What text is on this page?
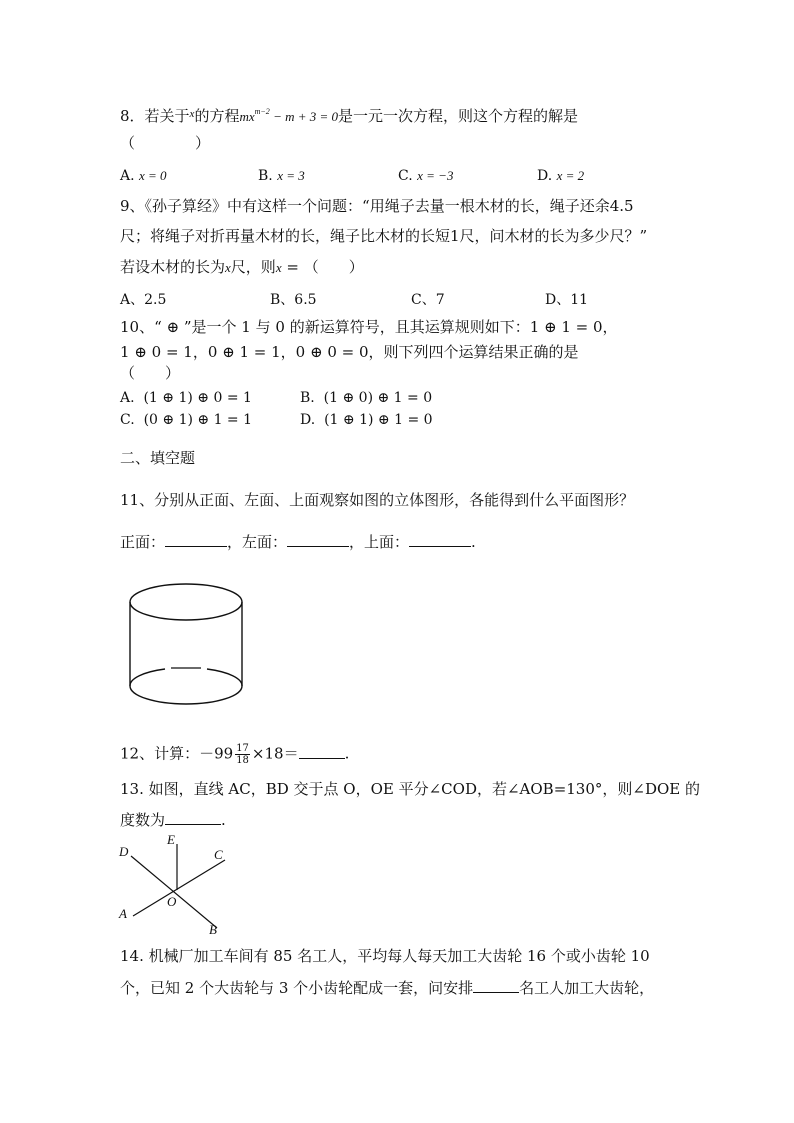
8．若关于$^x$的方程$mx^{m-2} - m + 3 = 0$是一元一次方程，则这个方程的解是
（　　　　）
A. x = 0	B. x = 3	C. x = −3	D. x = 2
9、《孙子算经》中有这样一个问题：“用绳子去量一根木材的长，绳子还余4.5
尺；将绳子对折再量木材的长，绳子比木材的长短1尺，问木材的长为多少尺？”
若设木材的长为x尺，则x = （　　）
A、2.5	B、6.5	C、7	D、11
10、“ ⊕ ”是一个 1 与 0 的新运算符号，且其运算规则如下：1 ⊕ 1 = 0，
1 ⊕ 0 = 1，0 ⊕ 1 = 1，0 ⊕ 0 = 0，则下列四个运算结果正确的是
（　　）
A. (1 ⊕ 1) ⊕ 0 = 1	B. (1 ⊕ 0) ⊕ 1 = 0
C. (0 ⊕ 1) ⊕ 1 = 1	D. (1 ⊕ 1) ⊕ 1 = 0
二、填空题
11、分别从正面、左面、上面观察如图的立体图形，各能得到什么平面图形？
正面：	，左面：	，上面：	.
12、计算：$-99 \frac{17}{18} \times 18=$	.
13. 如图，直线 AC，BD 交于点 O，OE 平分∠COD，若∠AOB=130°，则∠DOE 的
度数为	.
E
D	C
O
A
B
14. 机械厂加工车间有 85 名工人，平均每人每天加工大齿轮 16 个或小齿轮 10
个，已知 2 个大齿轮与 3 个小齿轮配成一套，问安排	名工人加工大齿轮，
